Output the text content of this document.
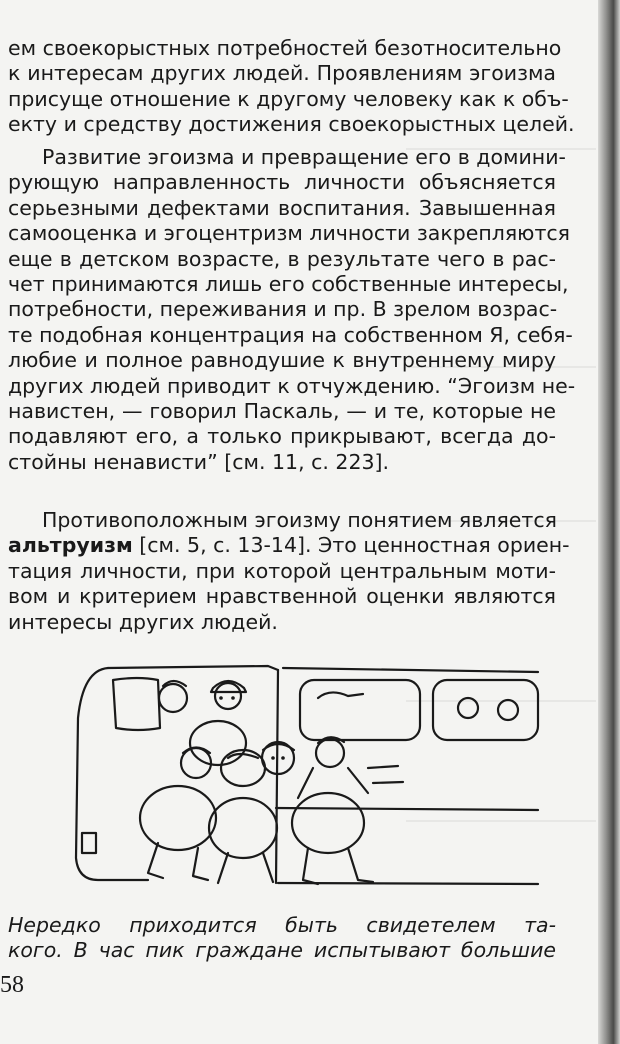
ем своекорыстных потребностей безотносительно
к интересам других людей. Проявлениям эгоизма
присуще отношение к другому человеку как к объ-
екту и средству достижения своекорыстных целей.
Развитие эгоизма и превращение его в домини-
рующую направленность личности объясняется
серьезными дефектами воспитания. Завышенная
самооценка и эгоцентризм личности закрепляются
еще в детском возрасте, в результате чего в рас-
чет принимаются лишь его собственные интересы,
потребности, переживания и пр. В зрелом возрас-
те подобная концентрация на собственном Я, себя-
любие и полное равнодушие к внутреннему миру
других людей приводит к отчуждению. “Эгоизм не-
навистен, — говорил Паскаль, — и те, которые не
подавляют его, а только прикрывают, всегда до-
стойны ненависти” [см. 11, с. 223].
Противоположным эгоизму понятием является
альтруизм [см. 5, с. 13-14]. Это ценностная ориен-
тация личности, при которой центральным моти-
вом и критерием нравственной оценки являются
интересы других людей.

Нередко приходится быть свидетелем та-
кого. В час пик граждане испытывают большие

58
